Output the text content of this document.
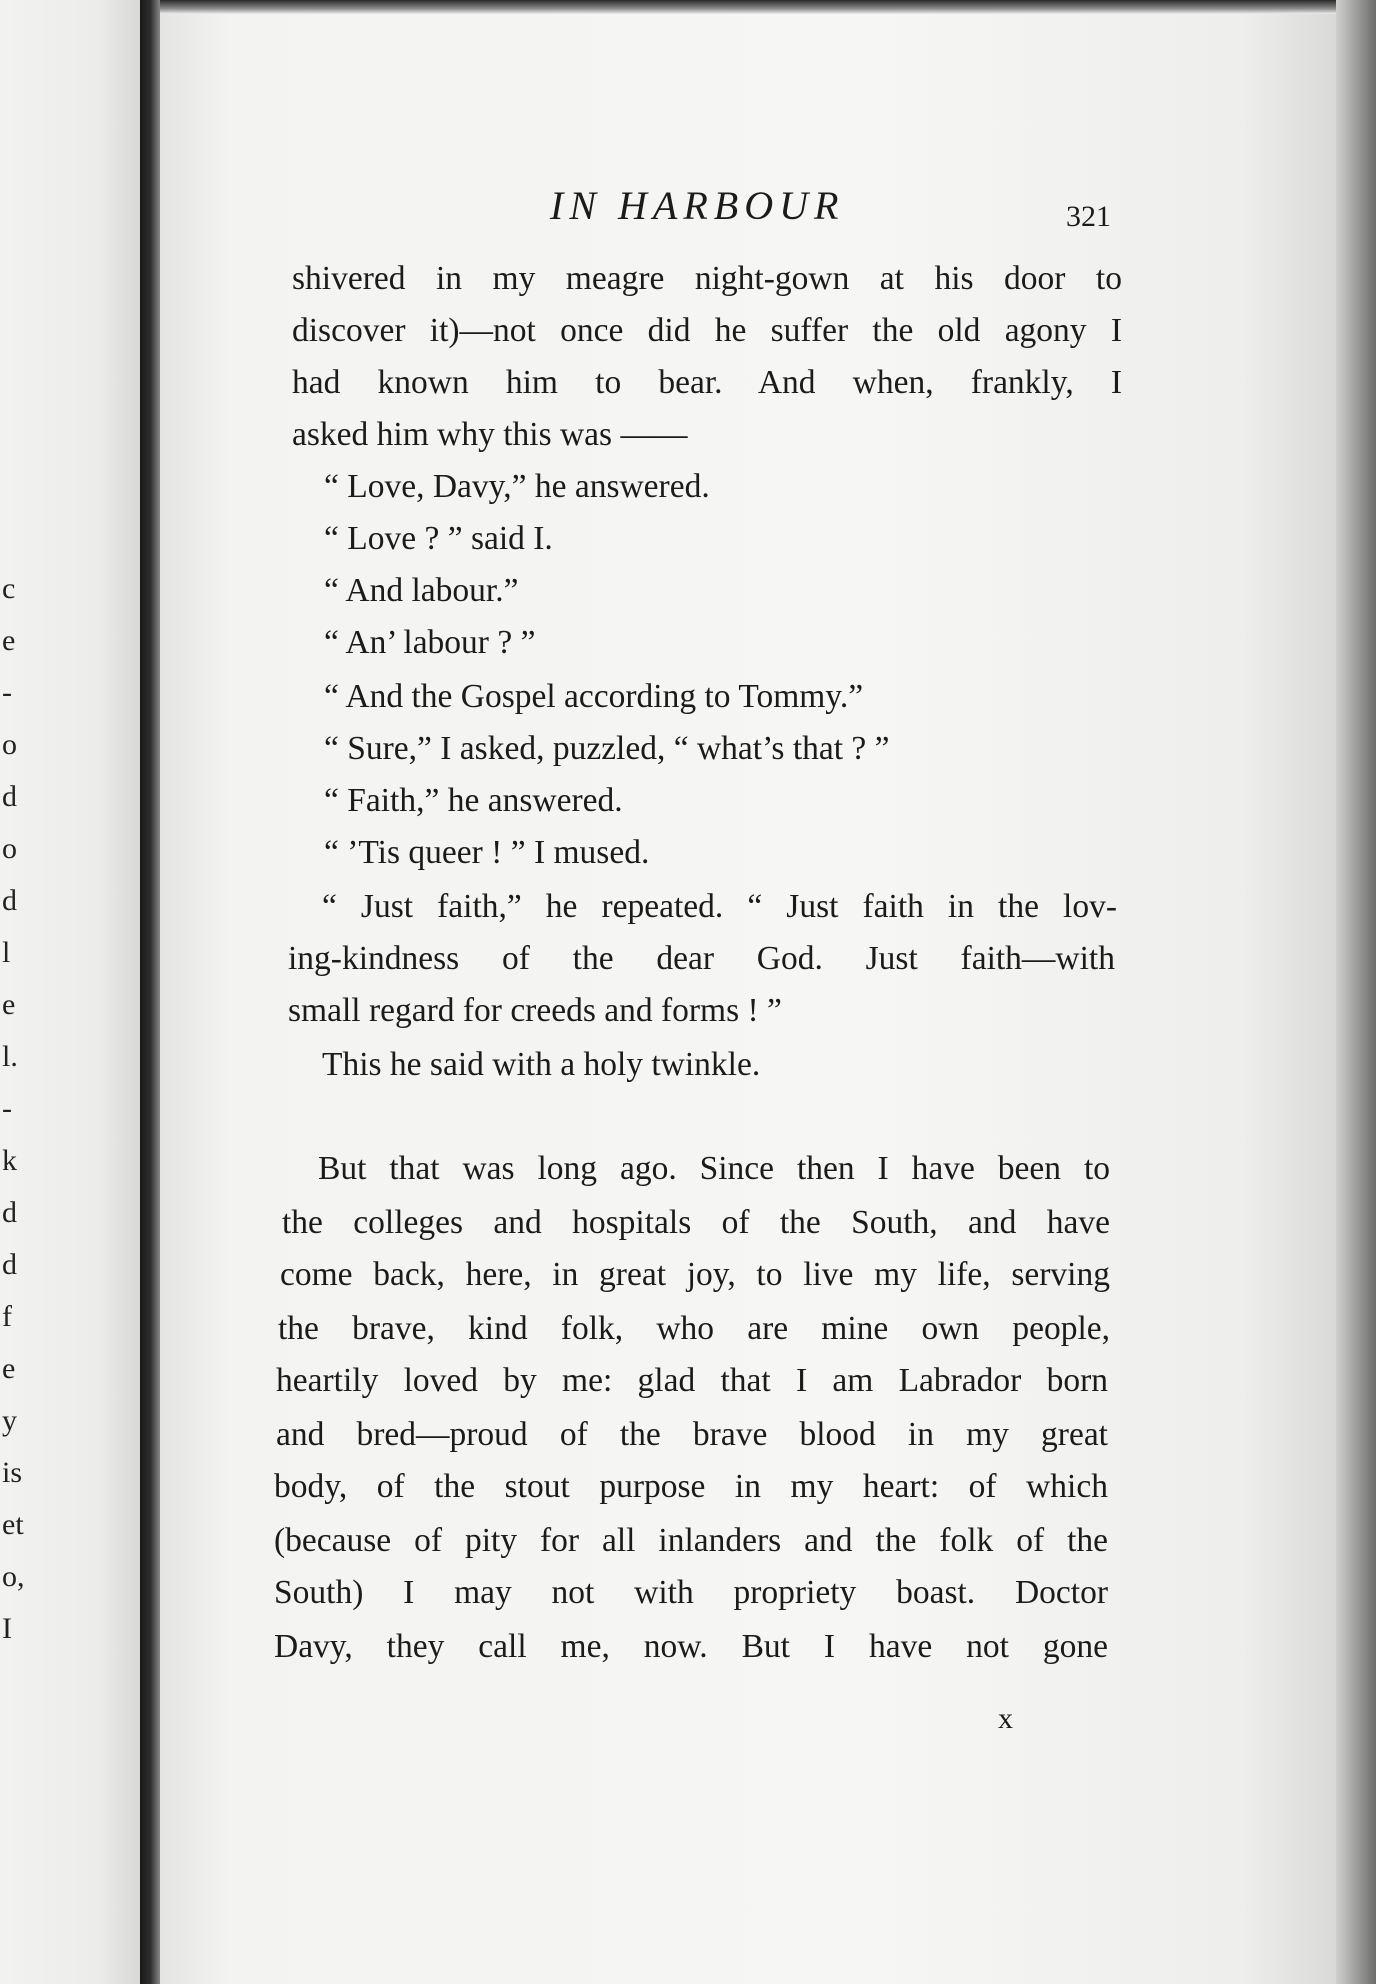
c
e
-
o
d
o
d
l
e
l.
-
k
d
d
f
e
y
is
et
o,
I
IN HARBOUR	321
shivered in my meagre night-gown at his door to
discover it)—not once did he suffer the old agony I
had known him to bear. And when, frankly, I
asked him why this was ——
“ Love, Davy,” he answered.
“ Love ? ” said I.
“ And labour.”
“ An’ labour ? ”
“ And the Gospel according to Tommy.”
“ Sure,” I asked, puzzled, “ what’s that ? ”
“ Faith,” he answered.
“ ’Tis queer ! ” I mused.
“ Just faith,” he repeated. “ Just faith in the lov-
ing-kindness of the dear God. Just faith—with
small regard for creeds and forms ! ”
This he said with a holy twinkle.
But that was long ago. Since then I have been to
the colleges and hospitals of the South, and have
come back, here, in great joy, to live my life, serving
the brave, kind folk, who are mine own people,
heartily loved by me: glad that I am Labrador born
and bred—proud of the brave blood in my great
body, of the stout purpose in my heart: of which
(because of pity for all inlanders and the folk of the
South) I may not with propriety boast. Doctor
Davy, they call me, now. But I have not gone
x
